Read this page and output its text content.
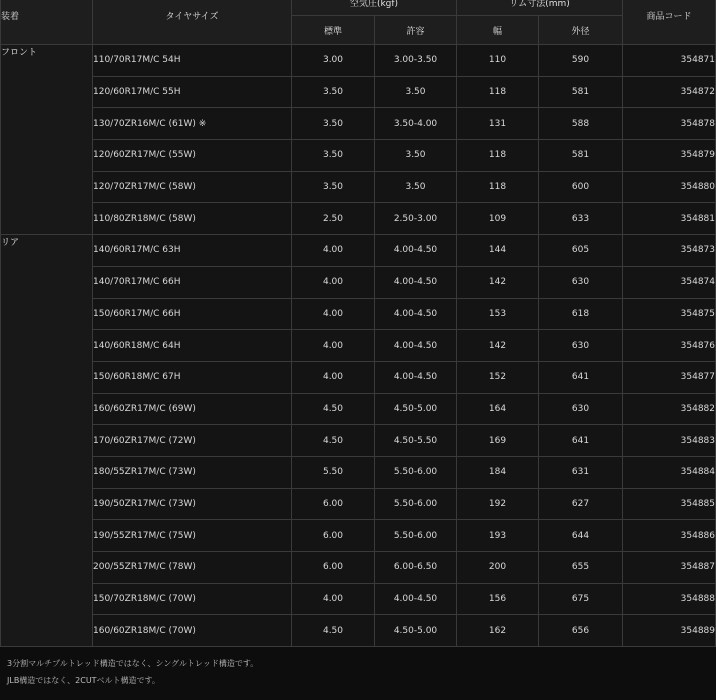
装着	タイヤサイズ	空気圧(kgf)		リム寸法(mm)		商品コード
		標準	許容	幅	外径	
フロント	110/70R17M/C 54H	3.00	3.00-3.50	110	590	354871
	120/60R17M/C 55H	3.50	3.50	118	581	354872
	130/70ZR16M/C (61W) ※	3.50	3.50-4.00	131	588	354878
	120/60ZR17M/C (55W)	3.50	3.50	118	581	354879
	120/70ZR17M/C (58W)	3.50	3.50	118	600	354880
	110/80ZR18M/C (58W)	2.50	2.50-3.00	109	633	354881
リア	140/60R17M/C 63H	4.00	4.00-4.50	144	605	354873
	140/70R17M/C 66H	4.00	4.00-4.50	142	630	354874
	150/60R17M/C 66H	4.00	4.00-4.50	153	618	354875
	140/60R18M/C 64H	4.00	4.00-4.50	142	630	354876
	150/60R18M/C 67H	4.00	4.00-4.50	152	641	354877
	160/60ZR17M/C (69W)	4.50	4.50-5.00	164	630	354882
	170/60ZR17M/C (72W)	4.50	4.50-5.50	169	641	354883
	180/55ZR17M/C (73W)	5.50	5.50-6.00	184	631	354884
	190/50ZR17M/C (73W)	6.00	5.50-6.00	192	627	354885
	190/55ZR17M/C (75W)	6.00	5.50-6.00	193	644	354886
	200/55ZR17M/C (78W)	6.00	6.00-6.50	200	655	354887
	150/70ZR18M/C (70W)	4.00	4.00-4.50	156	675	354888
	160/60ZR18M/C (70W)	4.50	4.50-5.00	162	656	354889
3分割マルチプルトレッド構造ではなく、シングルトレッド構造です。
JLB構造ではなく、2CUTベルト構造です。
